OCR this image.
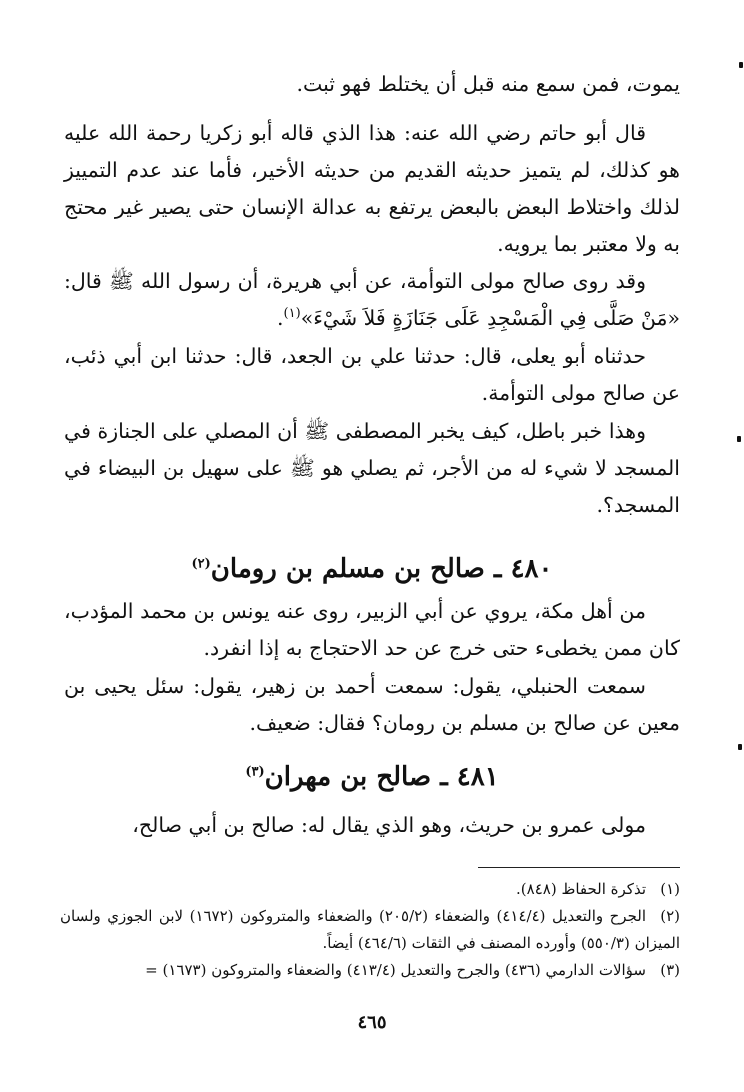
يموت، فمن سمع منه قبل أن يختلط فهو ثبت.

قال أبو حاتم رضي الله عنه: هذا الذي قاله أبو زكريا رحمة الله عليه هو كذلك، لم يتميز حديثه القديم من حديثه الأخير، فأما عند عدم التمييز لذلك واختلاط البعض بالبعض يرتفع به عدالة الإنسان حتى يصير غير محتج به ولا معتبر بما يرويه.

وقد روى صالح مولى التوأمة، عن أبي هريرة، أن رسول الله ﷺ قال: «مَنْ صَلَّى فِي الْمَسْجِدِ عَلَى جَنَازَةٍ فَلاَ شَيْءَ»$^{(١)}$.

حدثناه أبو يعلى، قال: حدثنا علي بن الجعد، قال: حدثنا ابن أبي ذئب، عن صالح مولى التوأمة.

وهذا خبر باطل، كيف يخبر المصطفى ﷺ أن المصلي على الجنازة في المسجد لا شيء له من الأجر، ثم يصلي هو ﷺ على سهيل بن البيضاء في المسجد؟.

٤٨٠ ـ صالح بن مسلم بن رومان$^{(٢)}$

من أهل مكة، يروي عن أبي الزبير، روى عنه يونس بن محمد المؤدب، كان ممن يخطىء حتى خرج عن حد الاحتجاج به إذا انفرد.

سمعت الحنبلي، يقول: سمعت أحمد بن زهير، يقول: سئل يحيى بن معين عن صالح بن مسلم بن رومان؟ فقال: ضعيف.

٤٨١ ـ صالح بن مهران$^{(٣)}$

مولى عمرو بن حريث، وهو الذي يقال له: صالح بن أبي صالح،

(١)تذكرة الحفاظ (٨٤٨).

(٢)الجرح والتعديل (٤١٤/٤) والضعفاء (٢٠٥/٢) والضعفاء والمتروكون (١٦٧٢) لابن الجوزي ولسان الميزان (٥٥٠/٣) وأورده المصنف في الثقات (٤٦٤/٦) أيضاً.

(٣)سؤالات الدارمي (٤٣٦) والجرح والتعديل (٤١٣/٤) والضعفاء والمتروكون (١٦٧٣) =

٤٦٥
